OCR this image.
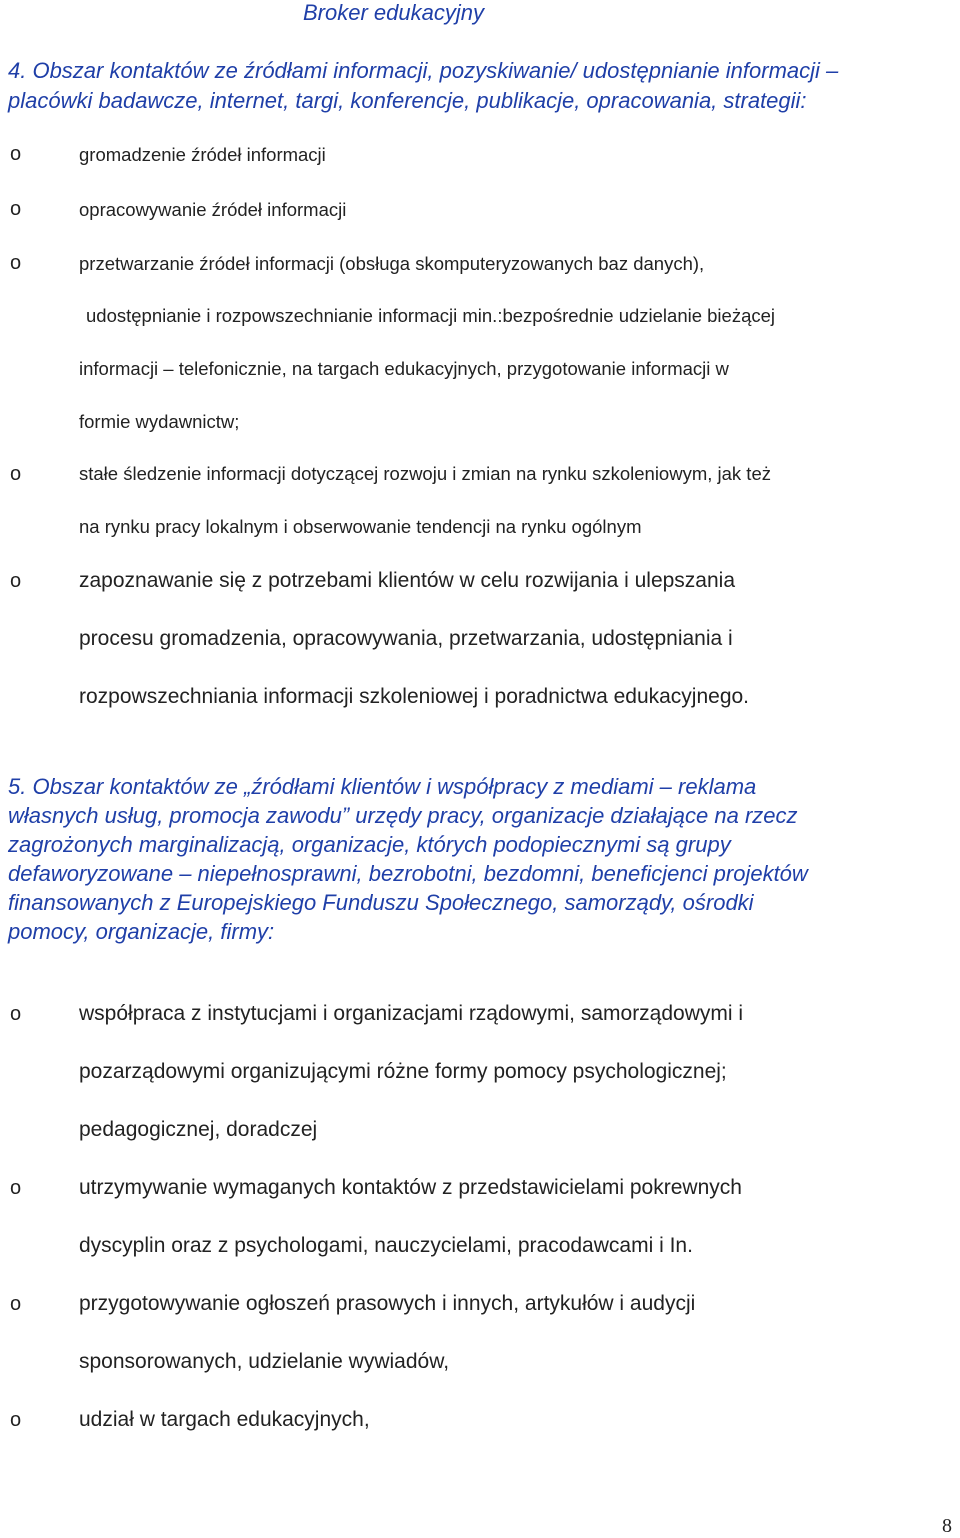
Broker edukacyjny
4. Obszar kontaktów ze źródłami informacji, pozyskiwanie/ udostępnianie informacji –
placówki badawcze, internet, targi, konferencje, publikacje, opracowania, strategii:
o	gromadzenie źródeł informacji
o	opracowywanie źródeł informacji
o	przetwarzanie źródeł informacji (obsługa skomputeryzowanych baz danych),
udostępnianie i rozpowszechnianie informacji min.:bezpośrednie udzielanie bieżącej
informacji – telefonicznie, na targach edukacyjnych, przygotowanie informacji w
formie wydawnictw;
o	stałe śledzenie informacji dotyczącej rozwoju i zmian na rynku szkoleniowym, jak też
na rynku pracy lokalnym i obserwowanie tendencji na rynku ogólnym
o	zapoznawanie się z potrzebami klientów w celu rozwijania i ulepszania
procesu gromadzenia, opracowywania, przetwarzania, udostępniania i
rozpowszechniania informacji szkoleniowej i poradnictwa edukacyjnego.
5. Obszar kontaktów ze „źródłami klientów i współpracy z mediami – reklama
własnych usług, promocja zawodu” urzędy pracy, organizacje działające na rzecz
zagrożonych marginalizacją, organizacje, których podopiecznymi są grupy
defaworyzowane – niepełnosprawni, bezrobotni, bezdomni, beneficjenci projektów
finansowanych z Europejskiego Funduszu Społecznego, samorządy, ośrodki
pomocy, organizacje, firmy:
o	współpraca z instytucjami i organizacjami rządowymi, samorządowymi i
pozarządowymi organizującymi różne formy pomocy psychologicznej;
pedagogicznej, doradczej
o	utrzymywanie wymaganych kontaktów z przedstawicielami pokrewnych
dyscyplin oraz z psychologami, nauczycielami, pracodawcami i In.
o	przygotowywanie ogłoszeń prasowych i innych, artykułów i audycji
sponsorowanych, udzielanie wywiadów,
o	udział w targach edukacyjnych,
8
